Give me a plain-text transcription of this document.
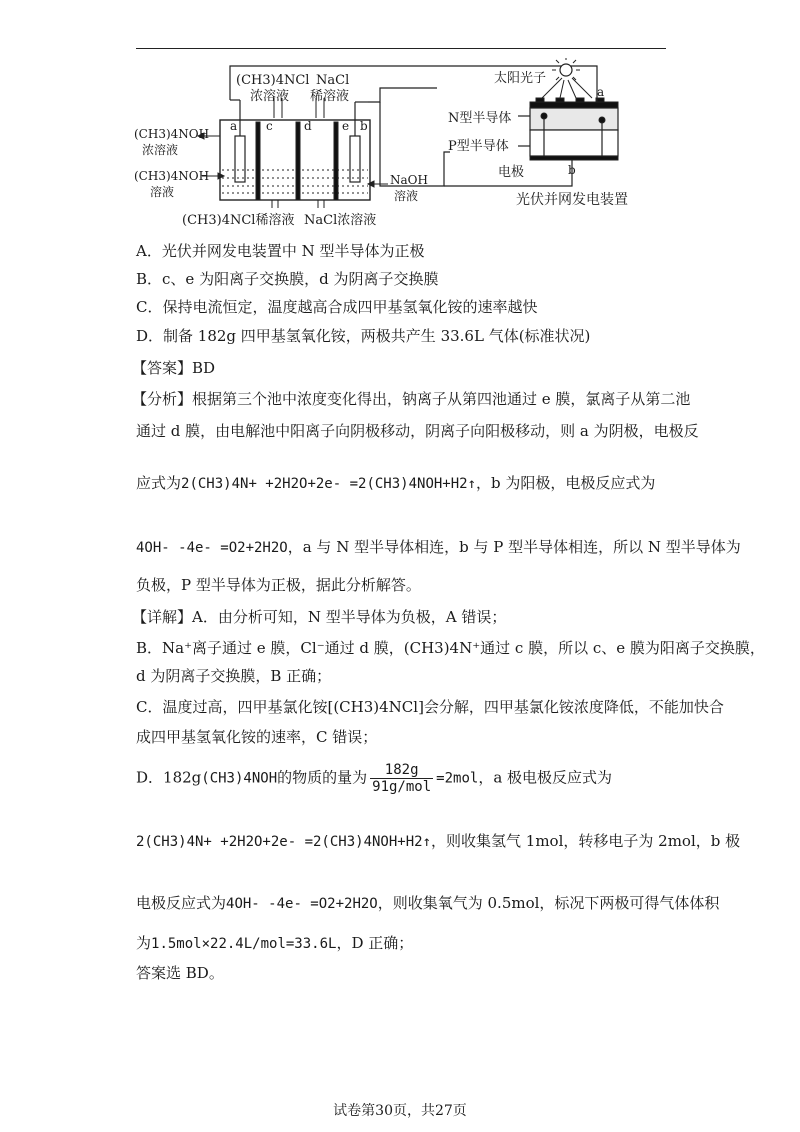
a c	d	e b
(CH3)4NCl
浓溶液
NaCl
稀溶液
(CH3)4NOH
浓溶液
(CH3)4NOH
溶液
NaOH
溶液
(CH3)4NCl稀溶液 NaCl浓溶液
太阳光子
a
N型半导体
P型半导体
b
电极
光伏并网发电装置
A．光伏并网发电装置中 N 型半导体为正极
B．c、e 为阳离子交换膜，d 为阴离子交换膜
C．保持电流恒定，温度越高合成四甲基氢氧化铵的速率越快
D．制备 182g 四甲基氢氧化铵，两极共产生 33.6L 气体(标准状况)
【答案】BD
【分析】根据第三个池中浓度变化得出，钠离子从第四池通过 e 膜，氯离子从第二池
通过 d 膜，由电解池中阳离子向阴极移动，阴离子向阳极移动，则 a 为阴极，电极反
应式为2(CH3)4N+ +2H2O+2e- =2(CH3)4NOH+H2↑，b 为阳极，电极反应式为
4OH- -4e- =O2+2H2O，a 与 N 型半导体相连，b 与 P 型半导体相连，所以 N 型半导体为
负极，P 型半导体为正极，据此分析解答。
【详解】A．由分析可知，N 型半导体为负极，A 错误；
B．Na⁺离子通过 e 膜，Cl⁻通过 d 膜，(CH3)4N⁺通过 c 膜，所以 c、e 膜为阳离子交换膜，
d 为阴离子交换膜，B 正确；
C．温度过高，四甲基氯化铵[(CH3)4NCl]会分解，四甲基氯化铵浓度降低，不能加快合
成四甲基氢氧化铵的速率，C 错误；
D．182g(CH3)4NOH的物质的量为 $\frac{182g}{\text{91g/mol}} =2mol$，a 极电极反应式为
2(CH3)4N+ +2H2O+2e- =2(CH3)4NOH+H2↑，则收集氢气 1mol，转移电子为 2mol，b 极
电极反应式为4OH- -4e- =O2+2H2O，则收集氧气为 0.5mol，标况下两极可得气体体积
为1.5mol×22.4L/mol=33.6L，D 正确；
答案选 BD。
试卷第30页，共27页
